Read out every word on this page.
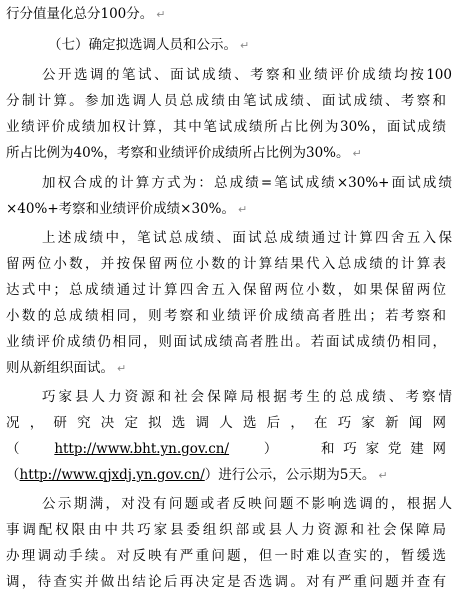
行分值量化总分100分。 ↵
（七）确定拟选调人员和公示。 ↵
公开选调的笔试、面试成绩、考察和业绩评价成绩均按100
分制计算。参加选调人员总成绩由笔试成绩、面试成绩、考察和
业绩评价成绩加权计算，其中笔试成绩所占比例为30%，面试成绩
所占比例为40%，考察和业绩评价成绩所占比例为30%。 ↵
加权合成的计算方式为：总成绩=笔试成绩×30%+面试成绩
×40%+考察和业绩评价成绩×30%。 ↵
上述成绩中，笔试总成绩、面试总成绩通过计算四舍五入保
留两位小数，并按保留两位小数的计算结果代入总成绩的计算表
达式中；总成绩通过计算四舍五入保留两位小数，如果保留两位
小数的总成绩相同，则考察和业绩评价成绩高者胜出；若考察和
业绩评价成绩仍相同，则面试成绩高者胜出。若面试成绩仍相同，
则从新组织面试。 ↵
巧家县人力资源和社会保障局根据考生的总成绩、考察情
况，研究决定拟选调人选后，在巧家新闻网
（ http://www.bht.yn.gov.cn/ ） 和巧家党建网
（http://www.qjxdj.yn.gov.cn/）进行公示，公示期为5天。 ↵
公示期满，对没有问题或者反映问题不影响选调的，根据人
事调配权限由中共巧家县委组织部或县人力资源和社会保障局
办理调动手续。对反映有严重问题，但一时难以查实的，暂缓选
调，待查实并做出结论后再决定是否选调。对有严重问题并查有
